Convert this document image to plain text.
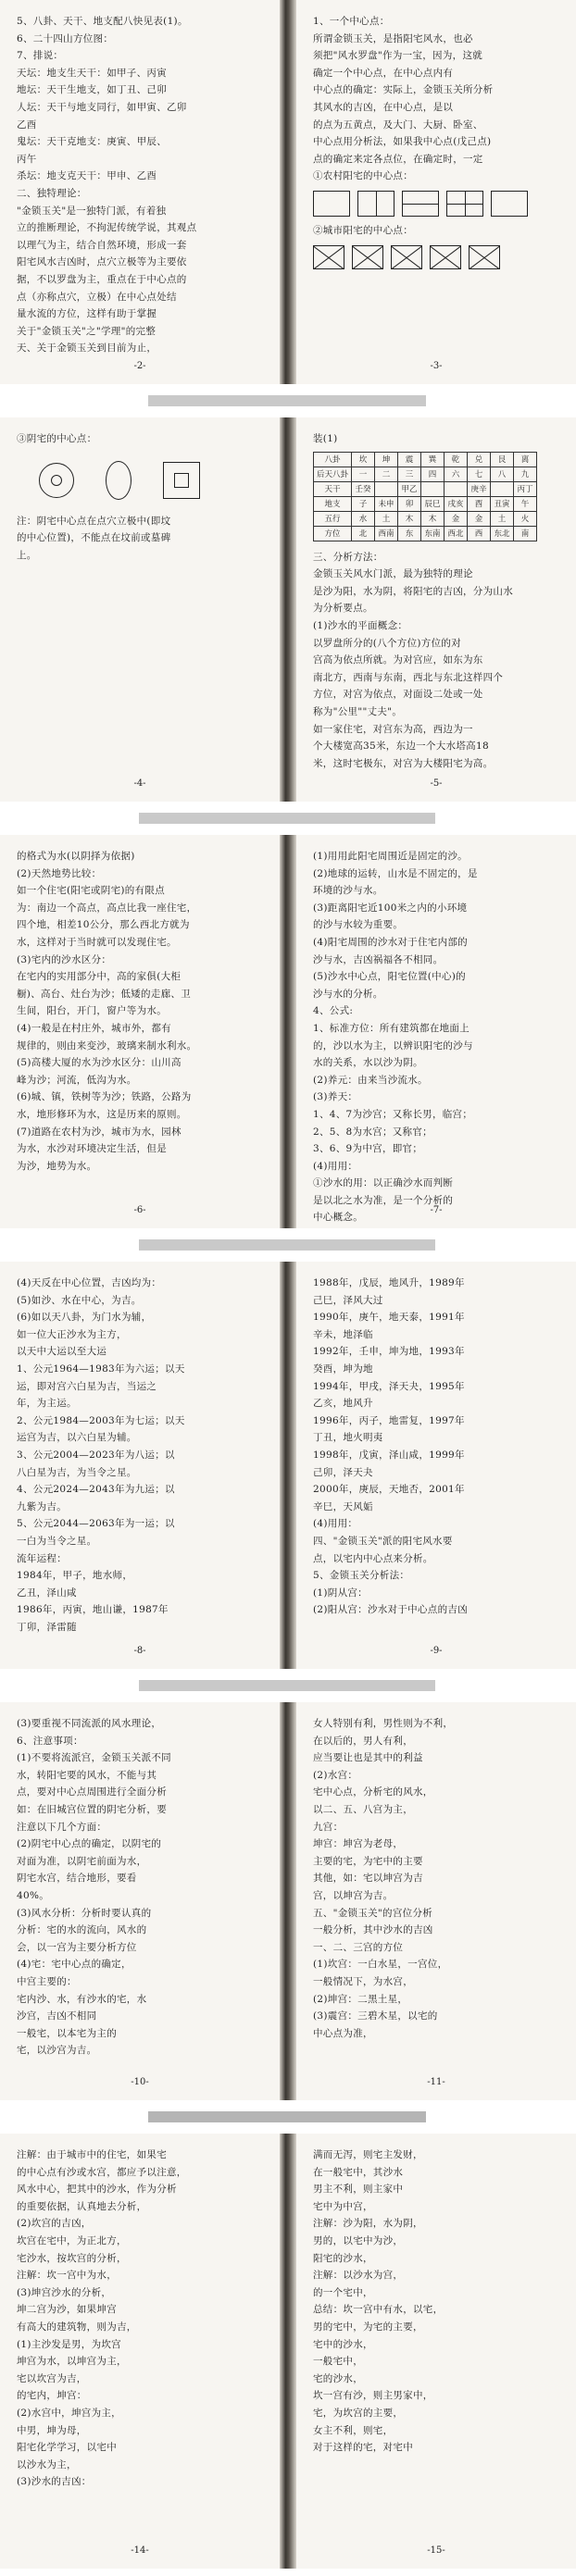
5、八卦、天干、地支配八快见表(1)。
6、二十四山方位图：
7、排说：
天坛：地支生天干：如甲子、丙寅
地坛：天干生地支，如丁丑、己卯
人坛：天干与地支同行，如甲寅、乙卯
乙酉
鬼坛：天干克地支：庚寅、甲辰、
丙午
杀坛：地支克天干：甲申、乙酉
二、独特理论：
"金锁玉关"是一独特门派，有着独
立的推断理论，不拘泥传统学说，其观点
以理气为主，结合自然环境，形成一套
阳宅风水吉凶时，点穴立极等为主要依
据，不以罗盘为主，重点在于中心点的
点（亦称点穴，立极）在中心点处结
量水流的方位，这样有助于掌握
关于"金锁玉关"之"学理"的完整
天、关于金锁玉关到目前为止，
-2-
1、一个中心点：
所谓金锁玉关，是指阳宅风水，也必
须把"风水罗盘"作为一宝，因为，这就
确定一个中心点，在中心点内有
中心点的确定：实际上，金锁玉关所分析
其风水的吉凶，在中心点，是以
的点为五黄点，及大门、大厨、卧室、
中心点用分析法，如果我中心点(戊己点)
点的确定来定各点位，在确定时，一定
①农村阳宅的中心点：
②城市阳宅的中心点：
-3-
③阴宅的中心点：
注：阴宅中心点在点穴立极中(即坟
的中心位置)，不能点在坟前或墓碑
上。
-4-
装(1)
八卦	坎	坤	震	巽	乾	兑	艮	离
后天八卦	一	二	三	四	六	七	八	九
天干	壬癸		甲乙			庚辛		丙丁
地支	子	未申	卯	辰巳	戌亥	酉	丑寅	午
五行	水	土	木	木	金	金	土	火
方位	北	西南	东	东南	西北	西	东北	南
三、分析方法：
金锁玉关风水门派，最为独特的理论
是沙为阳，水为阴，将阳宅的吉凶，分为山水
为分析要点。
(1)沙水的平面概念：
以罗盘所分的(八个方位)方位的对
宫高为依点所就。为对宫应，如东为东
南北方，西南与东南，西北与东北这样四个
方位，对宫为依点，对面设二处或一处
称为"公里""丈夫"。
如一家住宅，对宫东为高，西边为一
个大楼宽高35米，东边一个大水塔高18
米，这时宅极东，对宫为大楼阳宅为高。
-5-
的格式为水(以阴择为依据)
(2)天然地势比较：
如一个住宅(阳宅或阴宅)的有限点
为：南边一个高点，高点比我一座住宅，
四个地，相差10公分，那么西北方就为
水，这样对于当时就可以发现住宅。
(3)宅内的沙水区分：
在宅内的实用部分中，高的家俱(大柜
橱)、高台、灶台为沙；低矮的走廊、卫
生间，阳台，开门，窗户等为水。
(4)一般是在村庄外，城市外，都有
规律的，则由来变沙，玻璃来制水利水。
(5)高楼大厦的水为沙水区分：山川高
峰为沙；河流，低沟为水。
(6)城、镇，铁树等为沙；铁路，公路为
水，地形修环为水，这是历来的原则。
(7)道路在农村为沙，城市为水，园林
为水，水沙对环境决定生活，但是
为沙，地势为水。
-6-
(1)用用此阳宅周围近是固定的沙。
(2)地球的运转，山水是不固定的，是
环境的沙与水。
(3)距离阳宅近100米之内的小环境
的沙与水较为重要。
(4)阳宅周围的沙水对于住宅内部的
沙与水，吉凶祸福各不相同。
(5)沙水中心点，阳宅位置(中心)的
沙与水的分析。
4、公式:
1、标准方位：所有建筑都在地面上
的，沙以水为主，以辨识阳宅的沙与
水的关系，水以沙为阴。
(2)养元：由来当沙流水。
(3)养天：
1、4、7为沙宫；又称长男，临宫；
2、5、8为水宫；又称官；
3、6、9为中宫，即官；
(4)用用：
①沙水的用：以正确沙水而判断
是以北之水为准，是一个分析的
中心概念。
-7-
(4)天反在中心位置，吉凶均为：
(5)如沙、水在中心，为吉。
(6)如以天八卦，为门水为辅，
如一位大正沙水为主方，
以天中大运以至大运
1、公元1964—1983年为六运；以天
运，即对宫六白星为吉，当运之
年，为主运。
2、公元1984—2003年为七运；以天
运宫为吉，以六白星为辅。
3、公元2004—2023年为八运；以
八白星为吉，为当令之星。
4、公元2024—2043年为九运；以
九紫为吉。
5、公元2044—2063年为一运；以
一白为当令之星。
流年运程：
1984年，甲子，地水师，
乙丑，泽山咸
1986年，丙寅，地山谦，1987年
丁卯，泽雷随
-8-
1988年，戊辰，地风升，1989年
己巳，泽风大过
1990年，庚午，地天泰，1991年
辛未，地泽临
1992年，壬申，坤为地，1993年
癸酉，坤为地
1994年，甲戌，泽天夬，1995年
乙亥，地风升
1996年，丙子，地雷复，1997年
丁丑，地火明夷
1998年，戊寅，泽山咸，1999年
己卯，泽天夬
2000年，庚辰，天地否，2001年
辛巳，天风姤
(4)用用：
四、"金锁玉关"派的阳宅风水要
点，以宅内中心点来分析。
5、金锁玉关分析法：
(1)阴从宫：
(2)阳从宫：沙水对于中心点的吉凶
-9-
(3)要重视不同流派的风水理论，
6、注意事项：
(1)不要将流派宫，金锁玉关派不同
水，转阳宅要的风水，不能与其
点，要对中心点周围进行全面分析
如：在旧城宫位置的阴宅分析，要
注意以下几个方面：
(2)阴宅中心点的确定，以阴宅的
对面为准，以阴宅前面为水，
阴宅水宫，结合地形，要看
40%。
(3)风水分析：分析时要认真的
分析：宅的水的流向，风水的
会，以一宫为主要分析方位
(4)宅：宅中心点的确定，
中宫主要的：
宅内沙、水，有沙水的宅，水
沙宫，吉凶不相同
一般宅，以本宅为主的
宅，以沙宫为吉。
-10-
女人特别有利，男性则为不利，
在以后的，男人有利，
应当要让也是其中的利益
(2)水宫：
宅中心点，分析宅的风水，
以二、五、八宫为主，
九宫：
坤宫：坤宫为老母，
主要的宅，为宅中的主要
其他，如：宅以坤宫为吉
宫，以坤宫为吉。
五、"金锁玉关"的宫位分析
一般分析，其中沙水的吉凶
一、二、三宫的方位
(1)坎宫：一白水星，一宫位，
一般情况下，为水宫，
(2)坤宫：二黑土星，
(3)震宫：三碧木星，以宅的
中心点为准，
-11-
注解：由于城市中的住宅，如果宅
的中心点有沙或水宫，都应予以注意，
风水中心，把其中的沙水，作为分析
的重要依据，认真地去分析，
(2)坎宫的吉凶，
坎宫在宅中，为正北方，
宅沙水，按坎宫的分析，
注解：坎一宫中为水，
(3)坤宫沙水的分析，
坤二宫为沙，如果坤宫
有高大的建筑物，则为吉，
(1)主沙发是男，为坎宫
坤宫为水，以坤宫为主，
宅以坎宫为吉，
的宅内，坤宫：
(2)水宫中，坤宫为主，
中男，坤为母，
阳宅化学学习，以宅中
以沙水为主，
(3)沙水的吉凶：
-14-
满而无泻，则宅主发财，
在一般宅中，其沙水
男主不利，则主家中
宅中为中宫，
注解：沙为阳，水为阴，
男的，以宅中为沙，
阳宅的沙水，
注解：以沙水为宫，
的一个宅中，
总结：坎一宫中有水，以宅，
男的宅中，为宅的主要，
宅中的沙水，
一般宅中，
宅的沙水，
坎一宫有沙，则主男家中，
宅，为坎宫的主要，
女主不利，则宅，
对于这样的宅，对宅中
-15-
